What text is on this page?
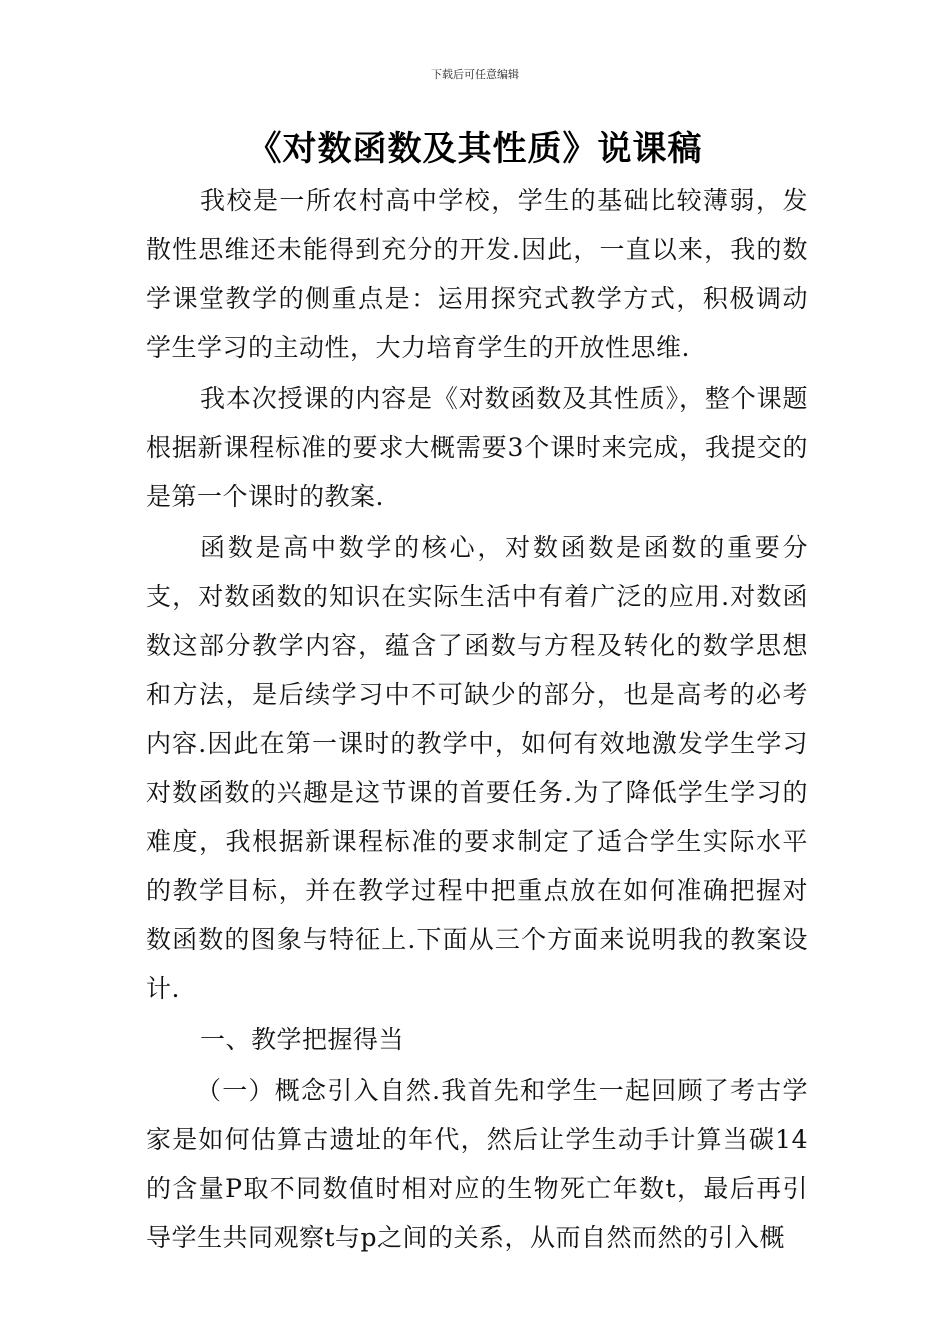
下载后可任意编辑
《对数函数及其性质》说课稿

我校是一所农村高中学校，学生的基础比较薄弱，发散性思维还未能得到充分的开发.因此，一直以来，我的数学课堂教学的侧重点是：运用探究式教学方式，积极调动学生学习的主动性，大力培育学生的开放性思维.

我本次授课的内容是《对数函数及其性质》，整个课题根据新课程标准的要求大概需要3个课时来完成，我提交的是第一个课时的教案.

函数是高中数学的核心，对数函数是函数的重要分支，对数函数的知识在实际生活中有着广泛的应用.对数函数这部分教学内容，蕴含了函数与方程及转化的数学思想和方法，是后续学习中不可缺少的部分，也是高考的必考内容.因此在第一课时的教学中，如何有效地激发学生学习对数函数的兴趣是这节课的首要任务.为了降低学生学习的难度，我根据新课程标准的要求制定了适合学生实际水平的教学目标，并在教学过程中把重点放在如何准确把握对数函数的图象与特征上.下面从三个方面来说明我的教案设计.

一、教学把握得当

（一）概念引入自然.我首先和学生一起回顾了考古学家是如何估算古遗址的年代，然后让学生动手计算当碳14的含量P取不同数值时相对应的生物死亡年数t，最后再引导学生共同观察t与p之间的关系，从而自然而然的引入概
